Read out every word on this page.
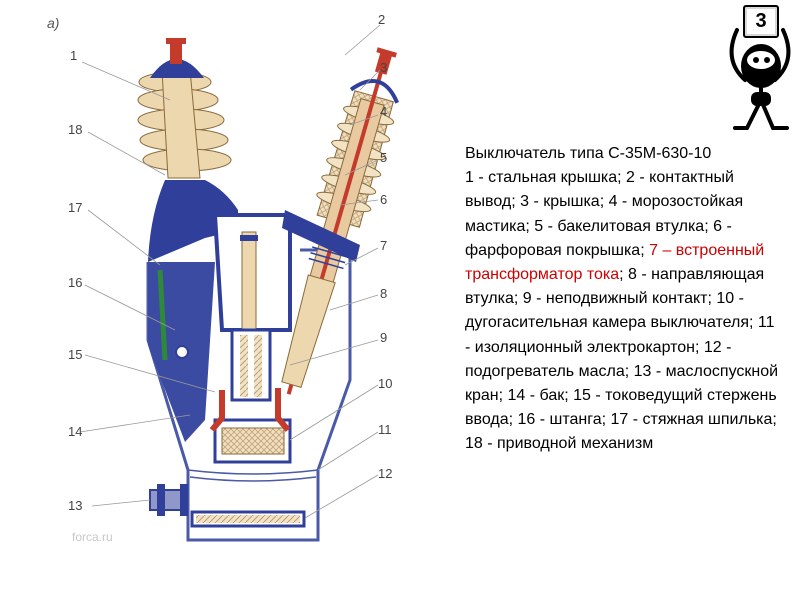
а)
forca.ru
1
2
3
4
5
6
7
8
9
10
11
12
13
14
15
16
17
18
3
Выключатель типа С-35М-630-10
1 - стальная крышка; 2 - контактный вывод; 3 - крышка; 4 - морозостойкая мастика; 5 - бакелитовая втулка; 6 - фарфоровая покрышка; 7 – встроенный трансформатор тока; 8 - направляющая втулка; 9 - неподвижный контакт; 10 - дугогасительная камера выключателя; 11 - изоляционный электрокартон; 12 - подогреватель масла; 13 - маслоспускной кран; 14 - бак; 15 - токоведущий стержень ввода; 16 - штанга; 17 - стяжная шпилька; 18 - приводной механизм
